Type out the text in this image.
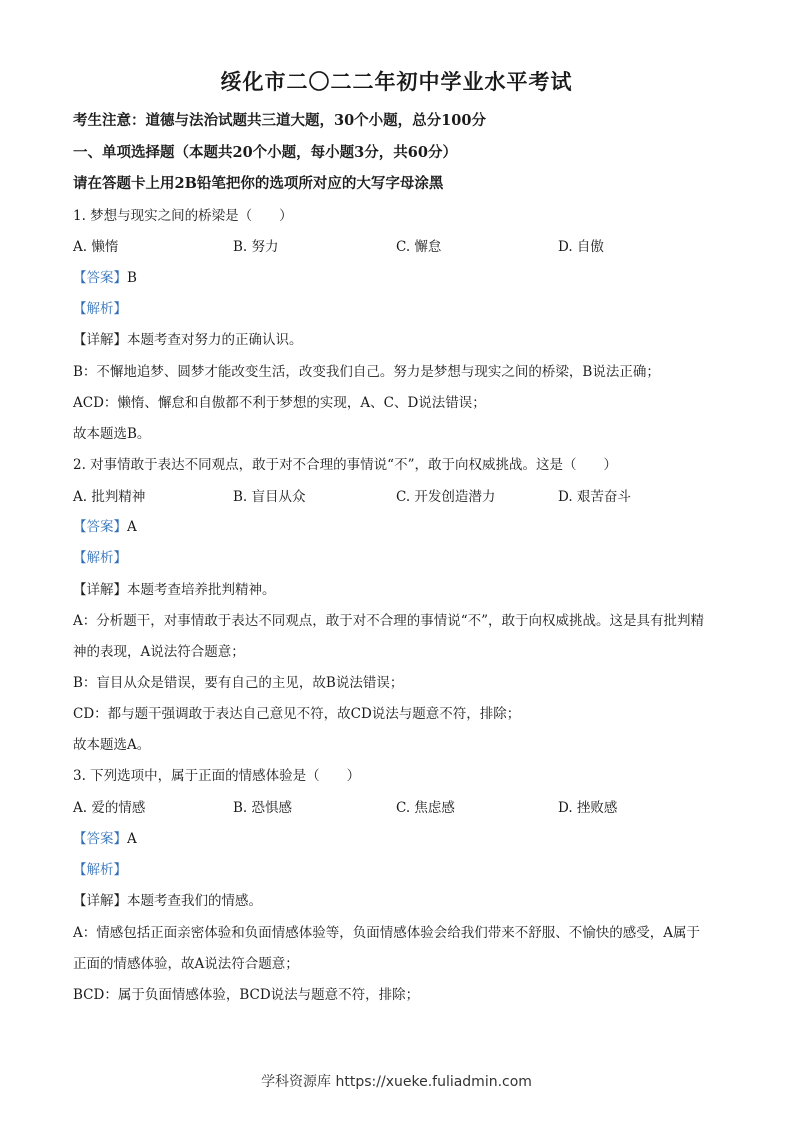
绥化市二〇二二年初中学业水平考试
考生注意：道德与法治试题共三道大题，30个小题，总分100分
一、单项选择题（本题共20个小题，每小题3分，共60分）
请在答题卡上用2B铅笔把你的选项所对应的大写字母涂黑
1. 梦想与现实之间的桥梁是（　　）
A. 懒惰	B. 努力	C. 懈怠	D. 自傲
【答案】B
【解析】
【详解】本题考查对努力的正确认识。
B：不懈地追梦、圆梦才能改变生活，改变我们自己。努力是梦想与现实之间的桥梁，B说法正确；
ACD：懒惰、懈怠和自傲都不利于梦想的实现，A、C、D说法错误；
故本题选B。
2. 对事情敢于表达不同观点，敢于对不合理的事情说“不”，敢于向权威挑战。这是（　　）
A. 批判精神	B. 盲目从众	C. 开发创造潜力	D. 艰苦奋斗
【答案】A
【解析】
【详解】本题考查培养批判精神。
A：分析题干，对事情敢于表达不同观点，敢于对不合理的事情说“不”，敢于向权威挑战。这是具有批判精
神的表现，A说法符合题意；
B：盲目从众是错误，要有自己的主见，故B说法错误；
CD：都与题干强调敢于表达自己意见不符，故CD说法与题意不符，排除；
故本题选A。
3. 下列选项中，属于正面的情感体验是（　　）
A. 爱的情感	B. 恐惧感	C. 焦虑感	D. 挫败感
【答案】A
【解析】
【详解】本题考查我们的情感。
A：情感包括正面亲密体验和负面情感体验等，负面情感体验会给我们带来不舒服、不愉快的感受，A属于
正面的情感体验，故A说法符合题意；
BCD：属于负面情感体验，BCD说法与题意不符，排除；
学科资源库 https://xueke.fuliadmin.com
